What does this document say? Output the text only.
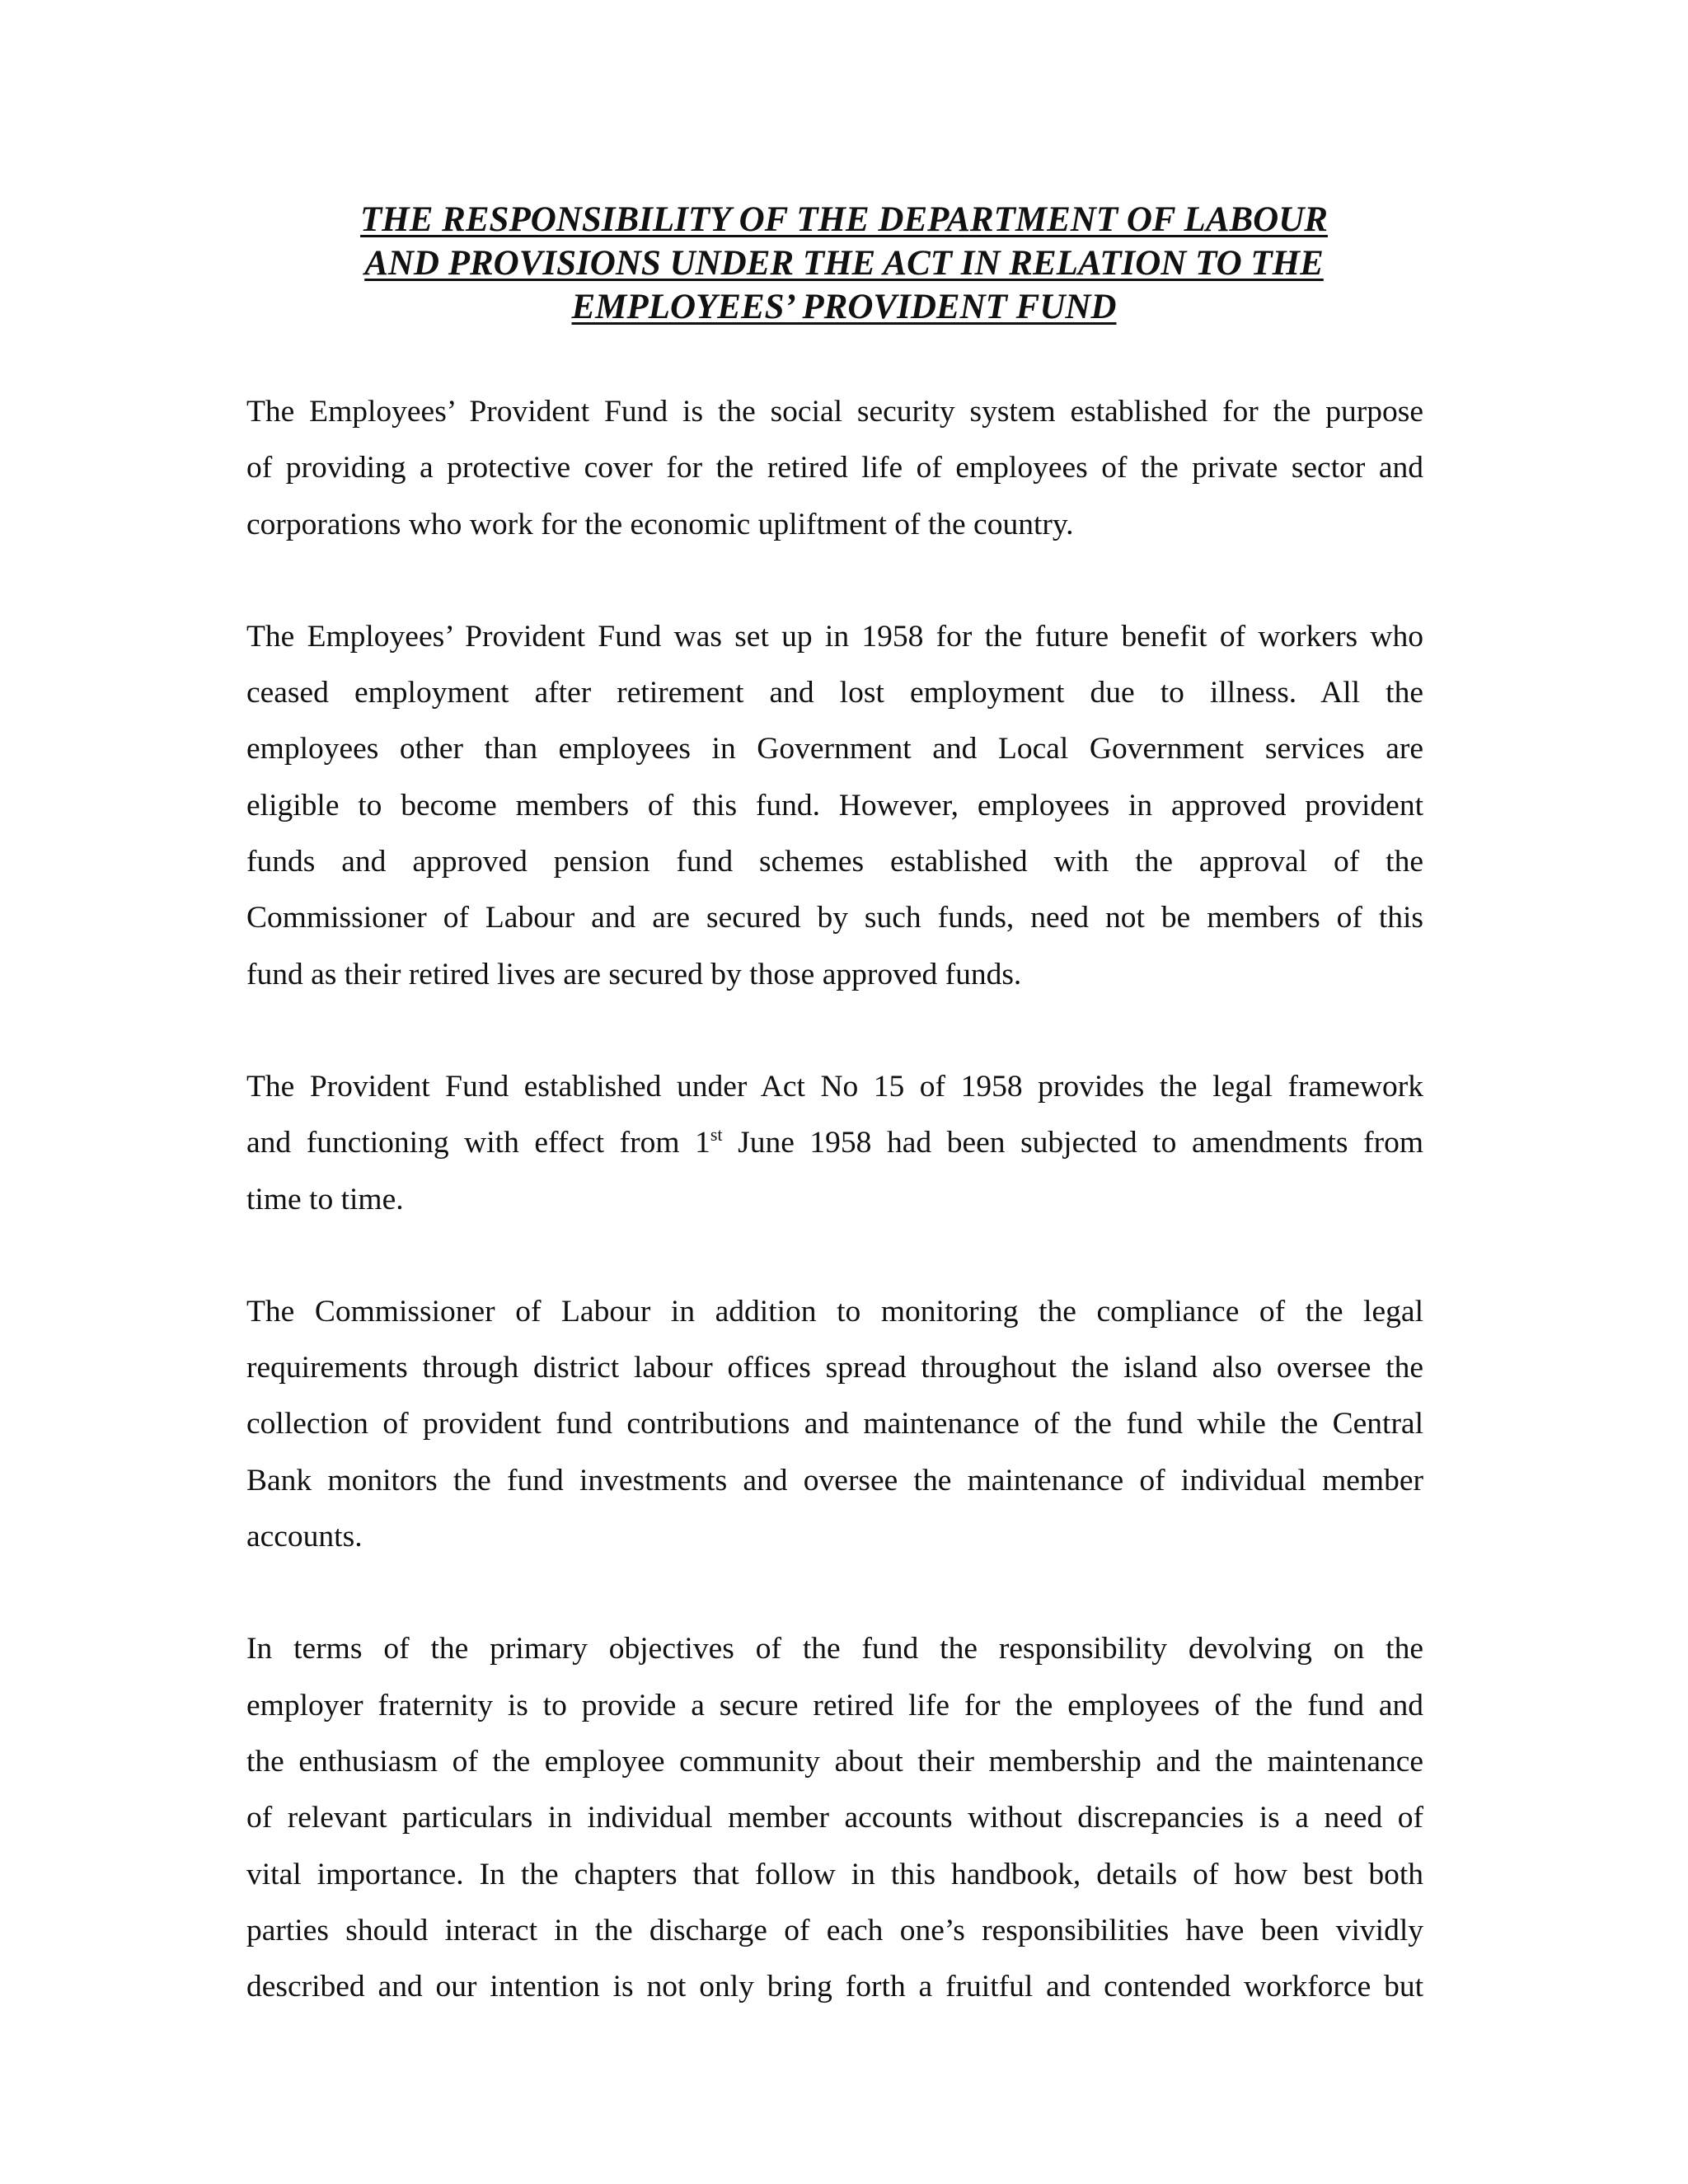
THE RESPONSIBILITY OF THE DEPARTMENT OF LABOUR
AND PROVISIONS UNDER THE ACT IN RELATION TO THE
EMPLOYEES’ PROVIDENT FUND
The Employees’ Provident Fund is the social security system established for the purpose
of providing a protective cover for the retired life of employees of the private sector and
corporations who work for the economic upliftment of the country.
The Employees’ Provident Fund was set up in 1958 for the future benefit of workers who
ceased employment after retirement and lost employment due to illness. All the
employees other than employees in Government and Local Government services are
eligible to become members of this fund. However, employees in approved provident
funds and approved pension fund schemes established with the approval of the
Commissioner of Labour and are secured by such funds, need not be members of this
fund as their retired lives are secured by those approved funds.
The Provident Fund established under Act No 15 of 1958 provides the legal framework
and functioning with effect from 1st June 1958 had been subjected to amendments from
time to time.
The Commissioner of Labour in addition to monitoring the compliance of the legal
requirements through district labour offices spread throughout the island also oversee the
collection of provident fund contributions and maintenance of the fund while the Central
Bank monitors the fund investments and oversee the maintenance of individual member
accounts.
In terms of the primary objectives of the fund the responsibility devolving on the
employer fraternity is to provide a secure retired life for the employees of the fund and
the enthusiasm of the employee community about their membership and the maintenance
of relevant particulars in individual member accounts without discrepancies is a need of
vital importance. In the chapters that follow in this handbook, details of how best both
parties should interact in the discharge of each one’s responsibilities have been vividly
described and our intention is not only bring forth a fruitful and contended workforce but
